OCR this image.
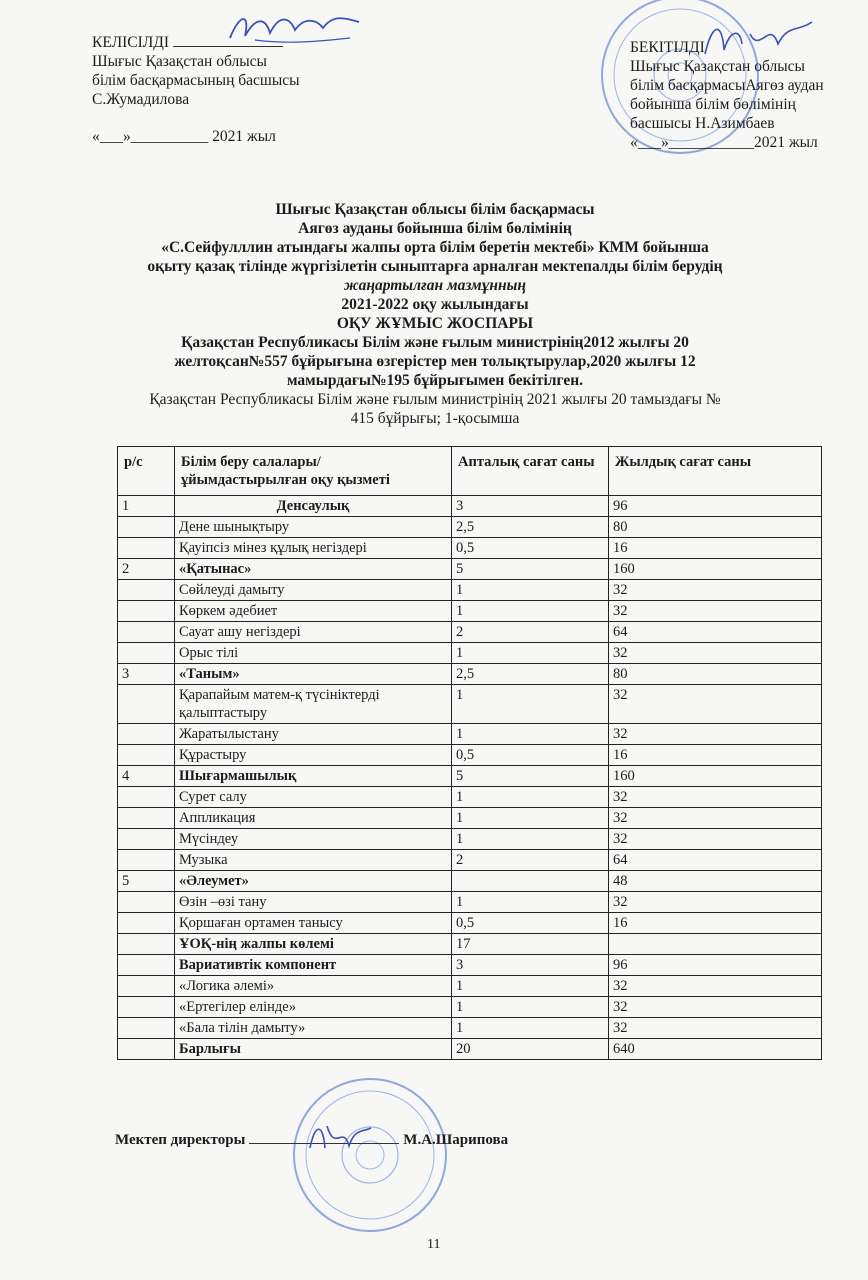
КЕЛІСІЛДІ
Шығыс Қазақстан облысы
білім басқармасының басшысы
С.Жумадилова
«___»__________ 2021 жыл
БЕКІТІЛДІ
Шығыс Қазақстан облысы
білім басқармасыАягөз аудан
бойынша білім бөлімінің
басшысы Н.Азимбаев
«___»___________2021 жыл
Шығыс Қазақстан облысы білім басқармасы
Аягөз ауданы бойынша білім бөлімінің
«С.Сейфулллин атындағы жалпы орта білім беретін мектебі» КММ бойынша
оқыту қазақ тілінде жүргізілетін сыныптарға арналған мектепалды білім берудің
жаңартылған мазмұнның
2021-2022 оқу жылындағы
ОҚУ ЖҰМЫС ЖОСПАРЫ
Қазақстан Республикасы Білім және ғылым министрінің2012 жылғы 20
желтоқсан№557 бұйрығына өзгерістер мен толықтырулар,2020 жылғы 12
мамырдағы№195 бұйрығымен бекітілген.
Қазақстан Республикасы Білім және ғылым министрінің 2021 жылғы 20 тамыздағы №
415 бұйрығы; 1-қосымша
р/с	Білім беру салалары/ұйымдастырылған оқу қызметі	Апталық сағат саны	Жылдық сағат саны
1	Денсаулық	3	96
	Дене шынықтыру	2,5	80
	Қауіпсіз мінез құлық негіздері	0,5	16
2	«Қатынас»	5	160
	Сөйлеуді дамыту	1	32
	Көркем әдебиет	1	32
	Сауат ашу негіздері	2	64
	Орыс тілі	1	32
3	«Таным»	2,5	80
	Қарапайым матем-қ түсініктерді қалыптастыру	1	32
	Жаратылыстану	1	32
	Құрастыру	0,5	16
4	Шығармашылық	5	160
	Сурет салу	1	32
	Аппликация	1	32
	Мүсіндеу	1	32
	Музыка	2	64
5	«Әлеумет»		48
	Өзін –өзі тану	1	32
	Қоршаған ортамен танысу	0,5	16
	ҰОҚ-нің жалпы көлемі	17	
	Вариативтік компонент	3	96
	«Логика әлемі»	1	32
	«Ертегілер елінде»	1	32
	«Бала тілін дамыту»	1	32
	Барлығы	20	640
Мектеп директоры	М.А.Шарипова
11
